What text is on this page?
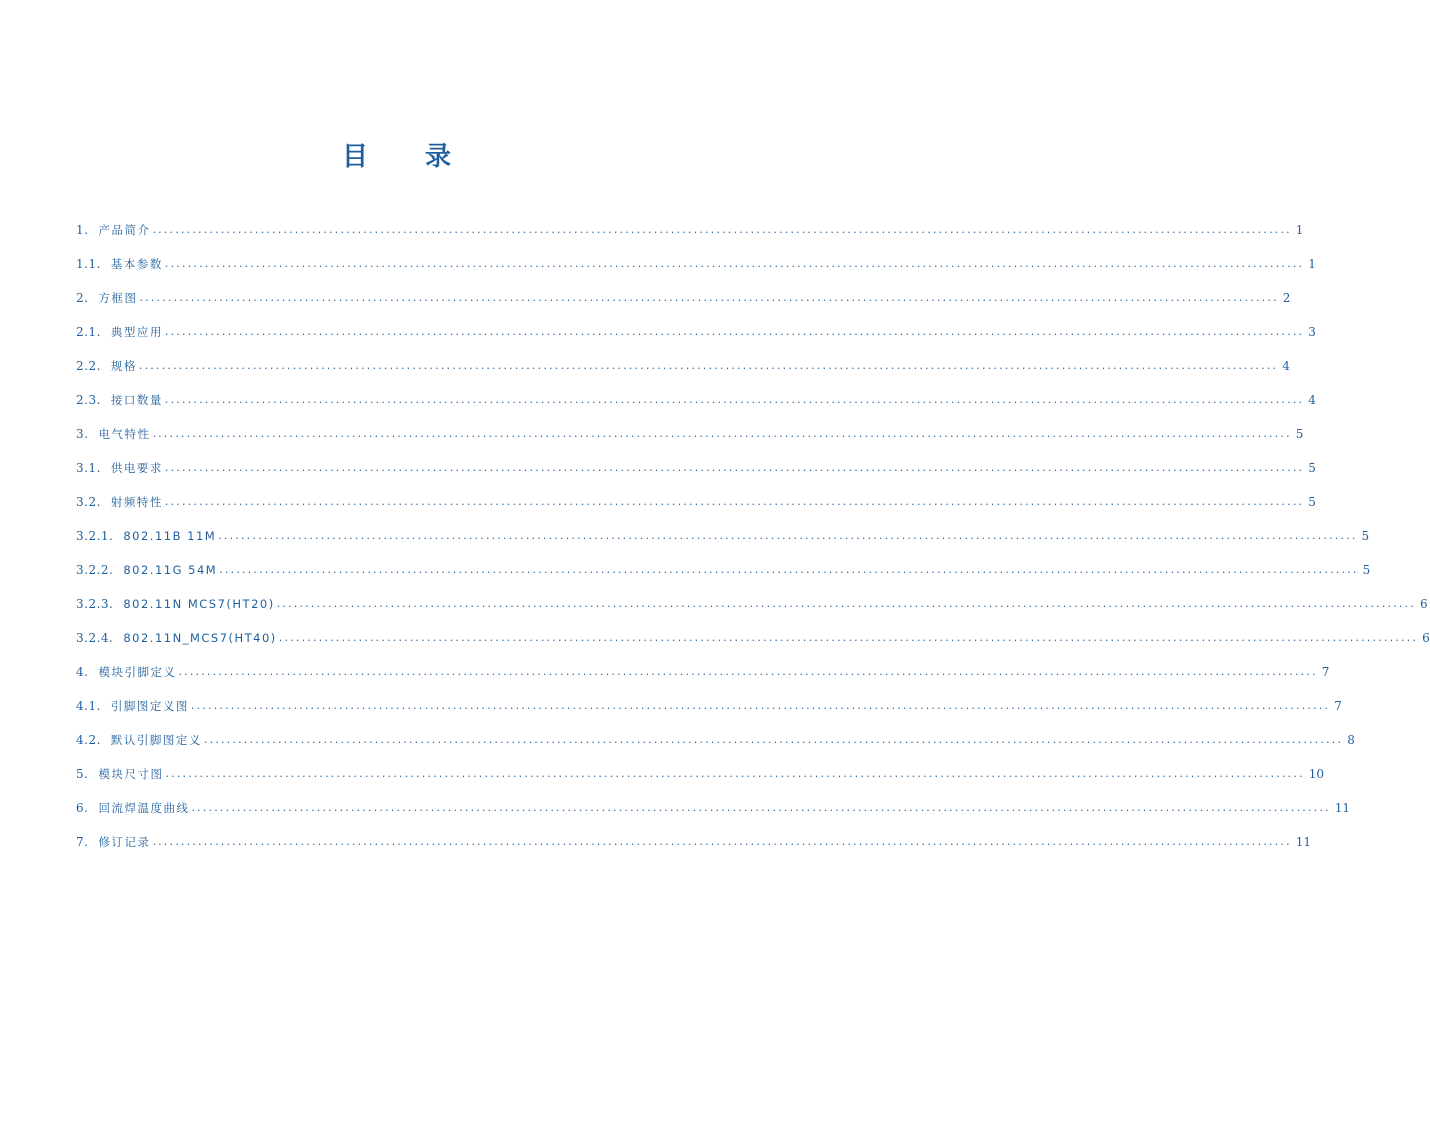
目 录
1. 产品简介 ........................................................................................................................................................................................................ 1
1.1. 基本参数 ........................................................................................................................................................................................................ 1
2. 方框图 ........................................................................................................................................................................................................ 2
2.1. 典型应用 ........................................................................................................................................................................................................ 3
2.2. 规格 ........................................................................................................................................................................................................ 4
2.3. 接口数量 ........................................................................................................................................................................................................ 4
3. 电气特性 ........................................................................................................................................................................................................ 5
3.1. 供电要求 ........................................................................................................................................................................................................ 5
3.2. 射频特性 ........................................................................................................................................................................................................ 5
3.2.1. 802.11B 11M ........................................................................................................................................................................................................ 5
3.2.2. 802.11G 54M ........................................................................................................................................................................................................ 5
3.2.3. 802.11N MCS7(HT20) ........................................................................................................................................................................................................ 6
3.2.4. 802.11N_MCS7(HT40) ........................................................................................................................................................................................................ 6
4. 模块引脚定义 ........................................................................................................................................................................................................ 7
4.1. 引脚图定义图 ........................................................................................................................................................................................................ 7
4.2. 默认引脚图定义 ........................................................................................................................................................................................................ 8
5. 模块尺寸图 ........................................................................................................................................................................................................ 10
6. 回流焊温度曲线 ........................................................................................................................................................................................................ 11
7. 修订记录 ........................................................................................................................................................................................................ 11
